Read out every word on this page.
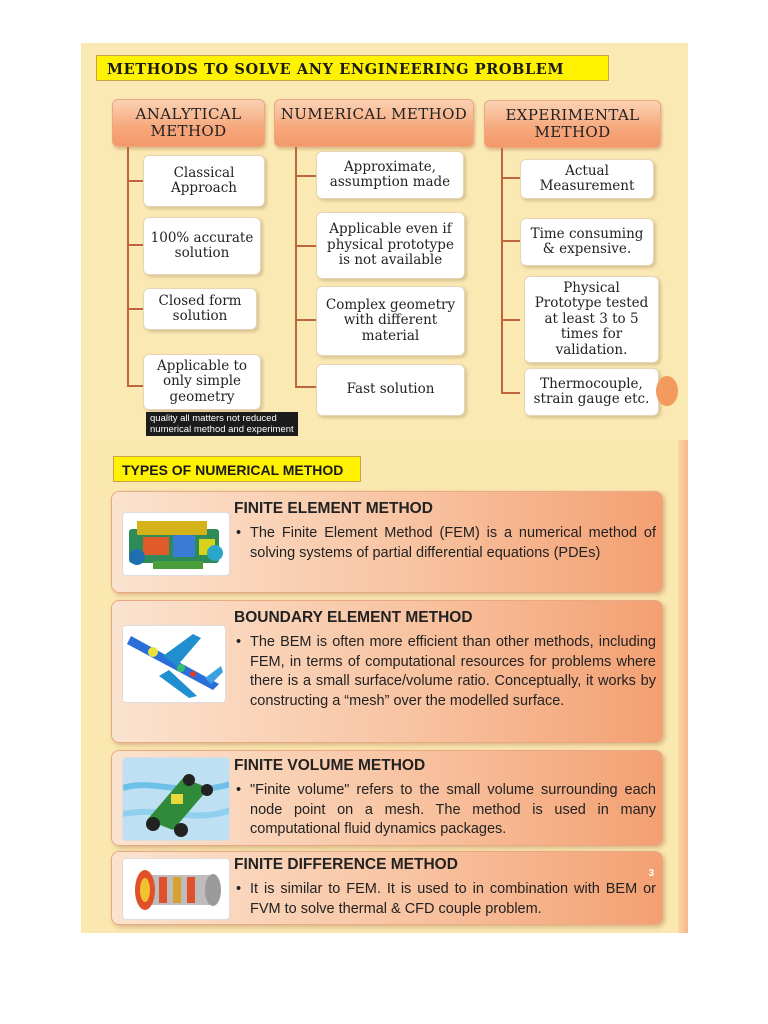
METHODS TO SOLVE ANY ENGINEERING PROBLEM
ANALYTICAL METHOD
Classical Approach
100% accurate solution
Closed form solution
Applicable to only simple geometry
NUMERICAL METHOD
Approximate, assumption made
Applicable even if physical prototype is not available
Complex geometry with different material
Fast solution
EXPERIMENTAL METHOD
Actual Measurement
Time consuming & expensive.
Physical Prototype tested at least 3 to 5 times for validation.
Thermocouple, strain gauge etc.
quality all matters not reduced
numerical method and experiment
TYPES OF NUMERICAL METHOD
FINITE ELEMENT METHOD
• The Finite Element Method (FEM) is a numerical method of solving systems of partial differential equations (PDEs)
BOUNDARY ELEMENT METHOD
• The BEM is often more efficient than other methods, including FEM, in terms of computational resources for problems where there is a small surface/volume ratio. Conceptually, it works by constructing a “mesh” over the modelled surface.
FINITE VOLUME METHOD
• "Finite volume" refers to the small volume surrounding each node point on a mesh. The method is used in many computational fluid dynamics packages.
FINITE DIFFERENCE METHOD
• It is similar to FEM. It is used to in combination with BEM or FVM to solve thermal & CFD couple problem.
3
